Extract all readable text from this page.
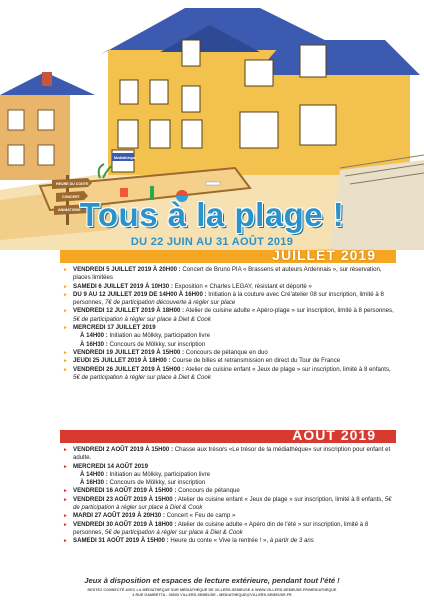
HEURE DU CONTE
CONCERT
ANIMATIONS
Mediathèque
Tous à la plage !
DU 22 JUIN AU 31 AOÛT 2019
JUILLET 2019
► VENDREDI 5 JUILLET 2019 À 20H00 : Concert de Bruno PIA « Brassens et auteurs Ardennais », sur réservation, places limitées
► SAMEDI 6 JUILLET 2019 À 10H30 : Exposition « Charles LEGAY, résistant et déporté »
► DU 9 AU 12 JUILLET 2019 DE 14H00 À 16H00 : Initiation à la couture avec Cré'atelier 08 sur inscription, limité à 8 personnes, 7€ de participation découverte à régler sur place
► VENDREDI 12 JUILLET 2019 À 18H00 : Atelier de cuisine adulte « Apéro-plage » sur inscription, limité à 8 personnes, 5€ de participation à régler sur place à Diet & Cook
► MERCREDI 17 JUILLET 2019
À 14H00 : Initiation au Mölkky, participation livre
À 16H30 : Concours de Mölkky, sur inscription
► VENDREDI 19 JUILLET 2019 À 15H00 : Concours de pétanque en duo
► JEUDI 25 JUILLET 2019 À 18H00 : Course de billes et retransmission en direct du Tour de France
► VENDREDI 26 JUILLET 2019 À 15H00 : Atelier de cuisine enfant « Jeux de plage » sur inscription, limité à 8 enfants, 5€ de participation à régler sur place à Diet & Cook
AOÛT 2019
► VENDREDI 2 AOÛT 2019 À 15H00 : Chasse aux trésors «Le trésor de la médiathèque» sur inscription pour enfant et adulte.
► MERCREDI 14 AOÛT 2019
À 14H00 : Initiation au Mölkky, participation livre
À 16H30 : Concours de Mölkky, sur inscription
► VENDREDI 16 AOÛT 2019 À 15H00 : Concours de pétanque
► VENDREDI 23 AOÛT 2019 À 15H00 : Atelier de cuisine enfant « Jeux de plage » sur inscription, limité à 8 enfants, 5€ de participation à régler sur place à Diet & Cook
► MARDI 27 AOÛT 2019 À 20H30 : Concert « Feu de camp »
► VENDREDI 30 AOÛT 2019 À 18H00 : Atelier de cuisine adulte « Apéro din de l'été » sur inscription, limité à 8 personnes, 5€ de participation à régler sur place à Diet & Cook
► SAMEDI 31 AOÛT 2019 À 15H00 : Heure du conte « Vive la rentrée ! », à partir de 3 ans
Jeux à disposition et espaces de lecture extérieure, pendant tout l'été !
RESTEZ CONNECTÉ AVEC LA MÉDIATHÈQUE SUR MÉDIATHÈQUE DE VILLERS-SEMEUSE & WWW.VILLERS-SEMEUSE.FR/MEDIATHEQUE
4 RUE GAMBETTA - 08000 VILLERS-SEMEUSE - MEDIATHEQUE@VILLERS-SEMEUSE.FR
